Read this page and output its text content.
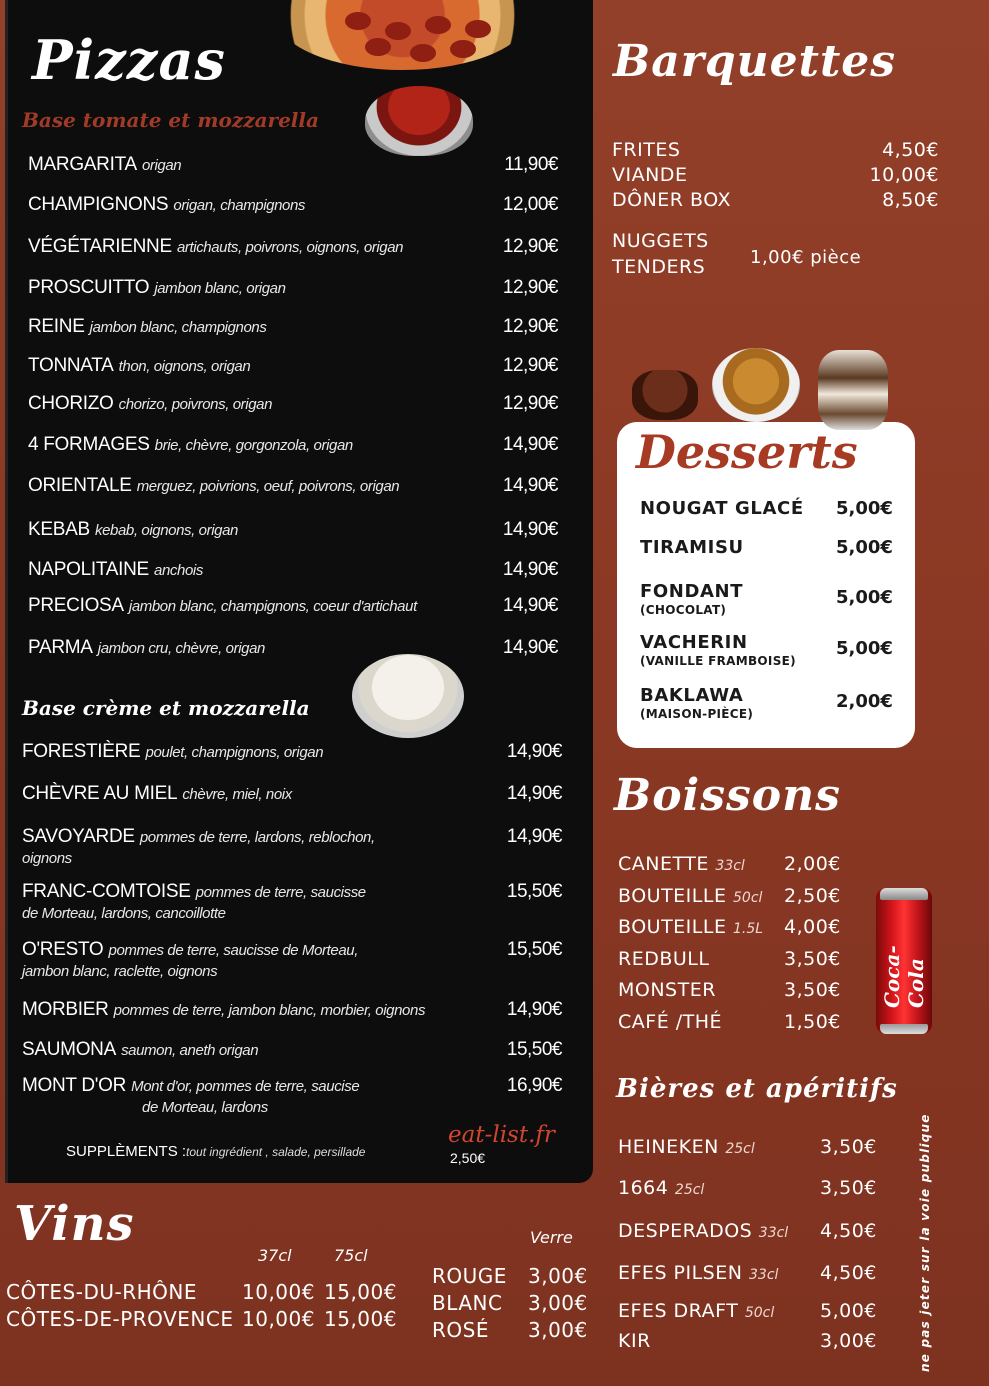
Pizzas
Base tomate et mozzarella
MARGARITA origan	11,90€
CHAMPIGNONS origan, champignons	12,00€
VÉGÉTARIENNE artichauts, poivrons, oignons, origan	12,90€
PROSCUITTO jambon blanc, origan	12,90€
REINE jambon blanc, champignons	12,90€
TONNATA thon, oignons, origan	12,90€
CHORIZO chorizo, poivrons, origan	12,90€
4 FORMAGES brie, chèvre, gorgonzola, origan	14,90€
ORIENTALE merguez, poivrions, oeuf, poivrons, origan	14,90€
KEBAB kebab, oignons, origan	14,90€
NAPOLITAINE anchois	14,90€
PRECIOSA jambon blanc, champignons, coeur d'artichaut	14,90€
PARMA jambon cru, chèvre, origan	14,90€
Base crème et mozzarella
FORESTIÈRE poulet, champignons, origan	14,90€
CHÈVRE AU MIEL chèvre, miel, noix	14,90€
SAVOYARDE pommes de terre, lardons, reblochon,
oignons
14,90€
FRANC-COMTOISE pommes de terre, saucisse
de Morteau, lardons, cancoillotte
15,50€
O'RESTO pommes de terre, saucisse de Morteau,
jambon blanc, raclette, oignons
15,50€
MORBIER pommes de terre, jambon blanc, morbier, oignons	14,90€
SAUMONA saumon, aneth origan	15,50€
MONT D'OR Mont d'or, pommes de terre, saucise
de Morteau, lardons
16,90€
eat-list.fr
SUPPLÈMENTS :tout ingrédient , salade, persillade	2,50€
Barquettes
FRITES	4,50€
VIANDE	10,00€
DÔNER BOX	8,50€
NUGGETS
TENDERS 1,00€ pièce
Desserts
NOUGAT GLACÉ 5,00€
TIRAMISU	5,00€
FONDANT
(CHOCOLAT)
5,00€
VACHERIN
(VANILLE FRAMBOISE)
5,00€
BAKLAWA
(MAISON-PIÈCE)
2,00€
Boissons
CANETTE 33cl 2,00€
BOUTEILLE 50cl 2,50€
BOUTEILLE 1.5L 4,00€
REDBULL	3,50€
MONSTER	3,50€
CAFÉ /THÉ	1,50€
Coca-Cola
Bières et apéritifs
HEINEKEN 25cl	3,50€
1664 25cl	3,50€
DESPERADOS 33cl 4,50€
EFES PILSEN 33cl 4,50€
EFES DRAFT 50cl 5,00€
KIR	3,00€	ne pas jeter sur la voie publique
Vins
37cl	75cl
Verre
CÔTES-DU-RHÔNE 10,00€ 15,00€
CÔTES-DE-PROVENCE 10,00€ 15,00€
ROUGE 3,00€
BLANC 3,00€
ROSÉ 3,00€
